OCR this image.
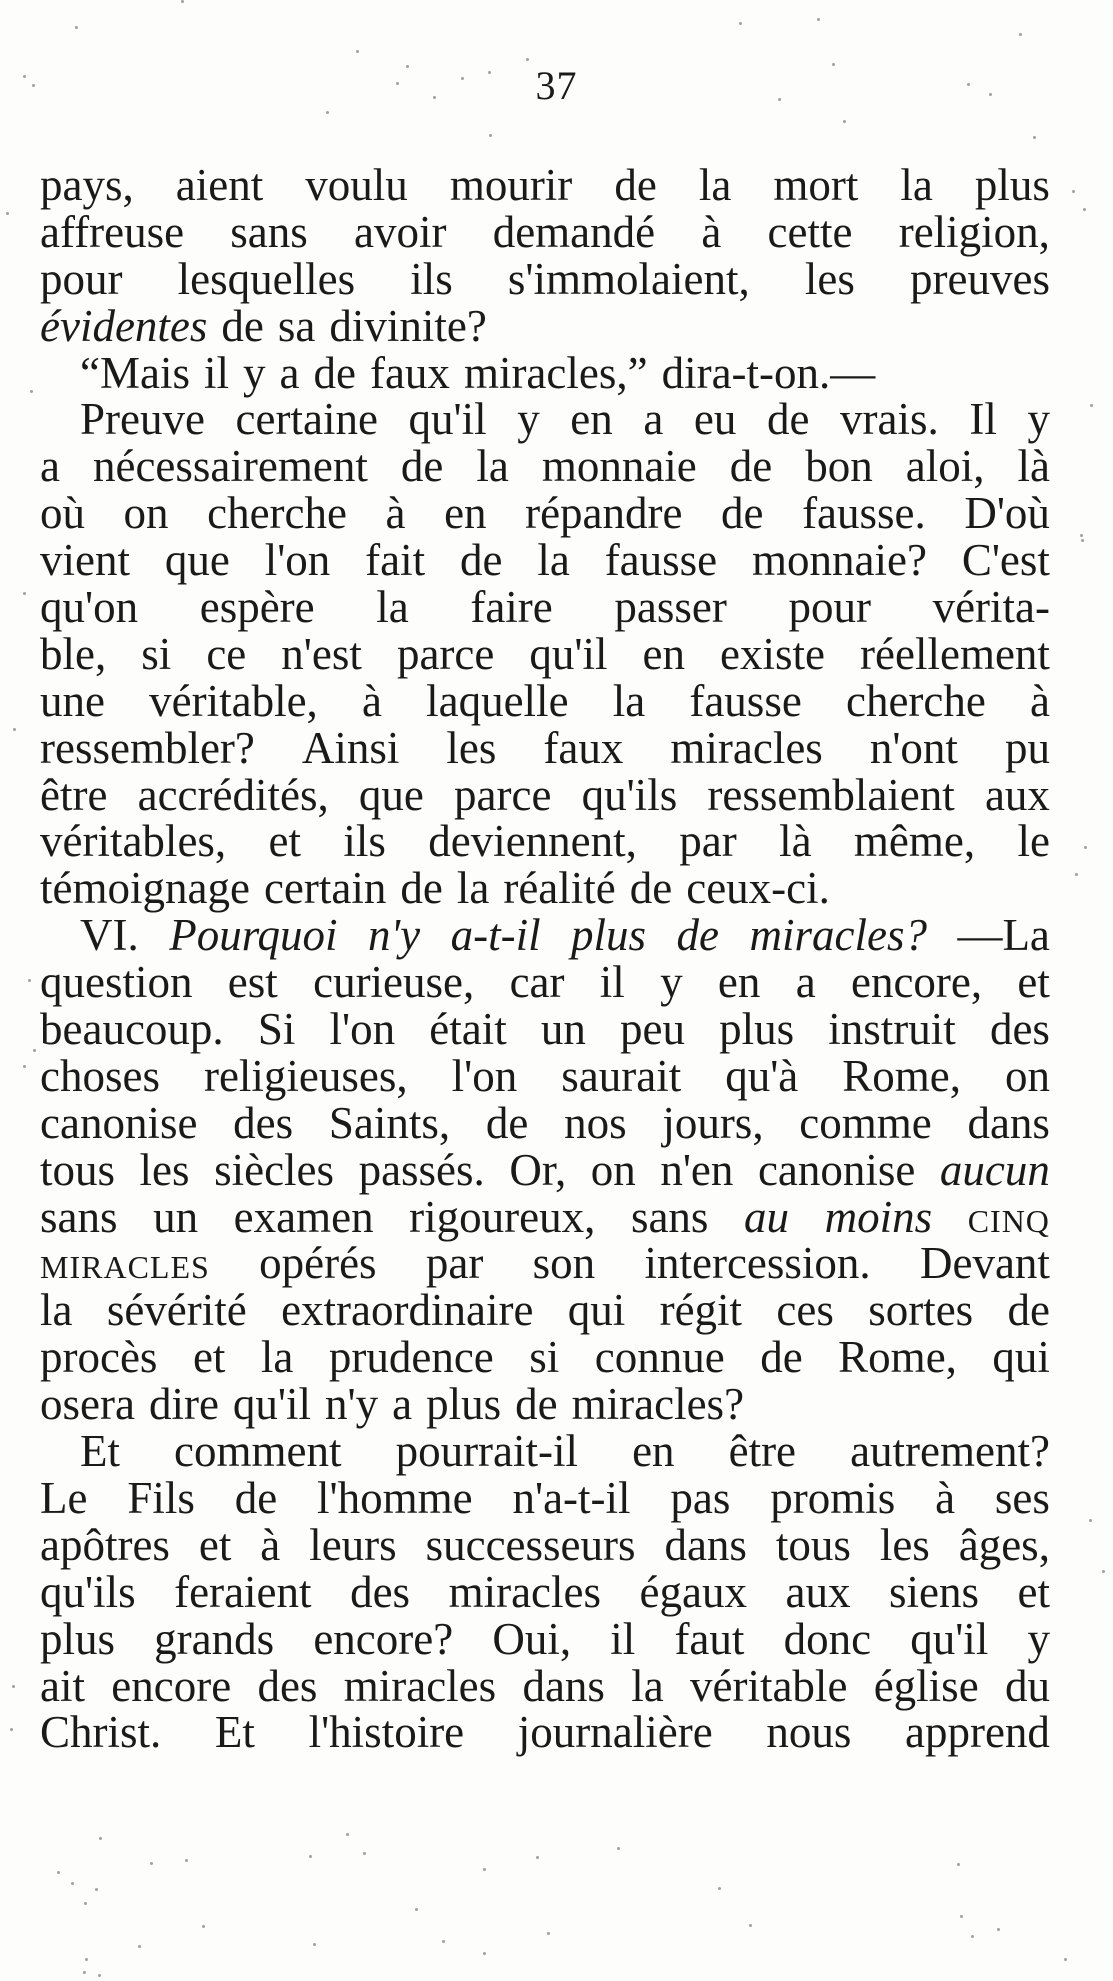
37
pays, aient voulu mourir de la mort la plus
affreuse sans avoir demandé à cette religion,
pour lesquelles ils s'immolaient, les preuves
évidentes de sa divinite?
“Mais il y a de faux miracles,” dira-t-on.—
Preuve certaine qu'il y en a eu de vrais. Il y
a nécessairement de la monnaie de bon aloi, là
où on cherche à en répandre de fausse. D'où
vient que l'on fait de la fausse monnaie? C'est
qu'on espère la faire passer pour vérita-
ble, si ce n'est parce qu'il en existe réellement
une véritable, à laquelle la fausse cherche à
ressembler? Ainsi les faux miracles n'ont pu
être accrédités, que parce qu'ils ressemblaient aux
véritables, et ils deviennent, par là même, le
témoignage certain de la réalité de ceux-ci.
VI. Pourquoi n'y a-t-il plus de miracles? —La
question est curieuse, car il y en a encore, et
beaucoup. Si l'on était un peu plus instruit des
choses religieuses, l'on saurait qu'à Rome, on
canonise des Saints, de nos jours, comme dans
tous les siècles passés. Or, on n'en canonise aucun
sans un examen rigoureux, sans au moins cinq
miracles opérés par son intercession. Devant
la sévérité extraordinaire qui régit ces sortes de
procès et la prudence si connue de Rome, qui
osera dire qu'il n'y a plus de miracles?
Et comment pourrait-il en être autrement?
Le Fils de l'homme n'a-t-il pas promis à ses
apôtres et à leurs successeurs dans tous les âges,
qu'ils feraient des miracles égaux aux siens et
plus grands encore? Oui, il faut donc qu'il y
ait encore des miracles dans la véritable église du
Christ. Et l'histoire journalière nous apprend
